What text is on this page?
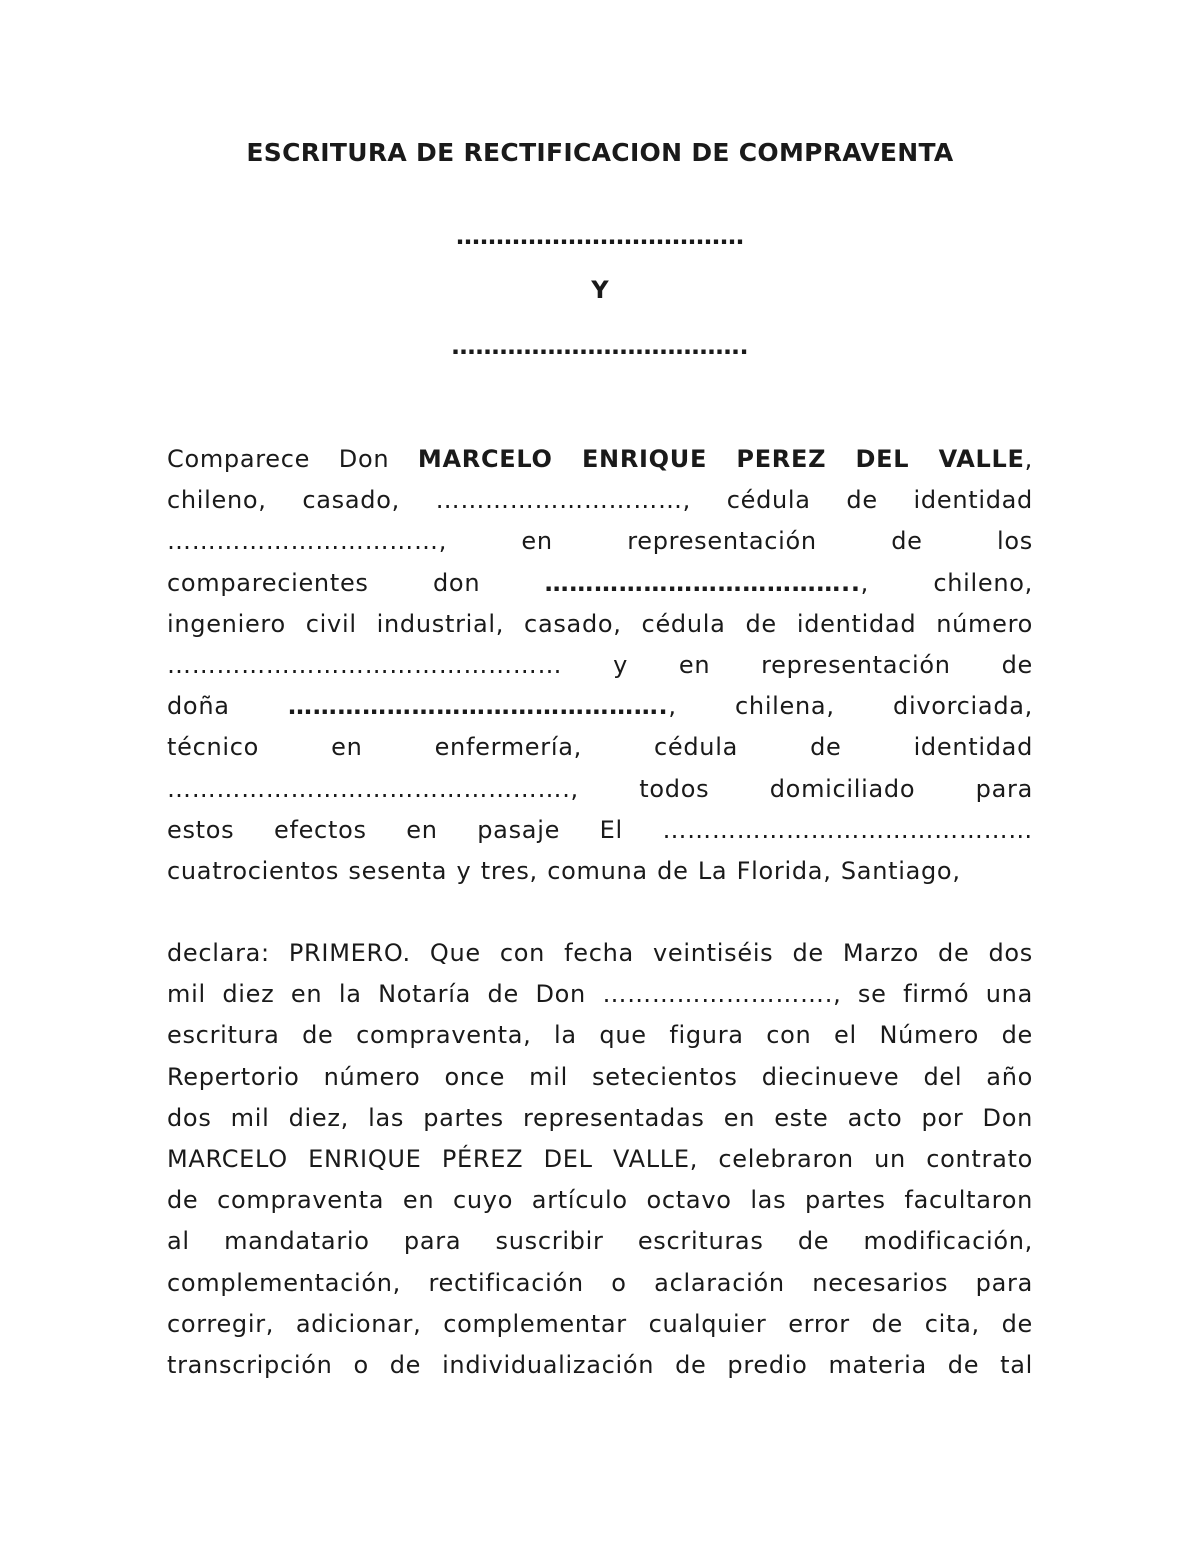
ESCRITURA DE RECTIFICACION DE COMPRAVENTA

………………………………

Y

……………………………….

Comparece Don MARCELO ENRIQUE PEREZ DEL VALLE,
chileno, casado, …………………………, cédula de identidad
……………………………, en representación de los
comparecientes don ……………………………….., chileno,
ingeniero civil industrial, casado, cédula de identidad número
………………………………………… y en representación de
doña ………………………………………., chilena, divorciada,
técnico en enfermería, cédula de identidad
…………………………………………., todos domiciliado para
estos efectos en pasaje El ………………………………………
cuatrocientos sesenta y tres, comuna de La Florida, Santiago,
declara: PRIMERO. Que con fecha veintiséis de Marzo de dos
mil diez en la Notaría de Don ………………………., se firmó una
escritura de compraventa, la que figura con el Número de
Repertorio número once mil setecientos diecinueve del año
dos mil diez, las partes representadas en este acto por Don
MARCELO ENRIQUE PÉREZ DEL VALLE, celebraron un contrato
de compraventa en cuyo artículo octavo las partes facultaron
al mandatario para suscribir escrituras de modificación,
complementación, rectificación o aclaración necesarios para
corregir, adicionar, complementar cualquier error de cita, de
transcripción o de individualización de predio materia de tal
